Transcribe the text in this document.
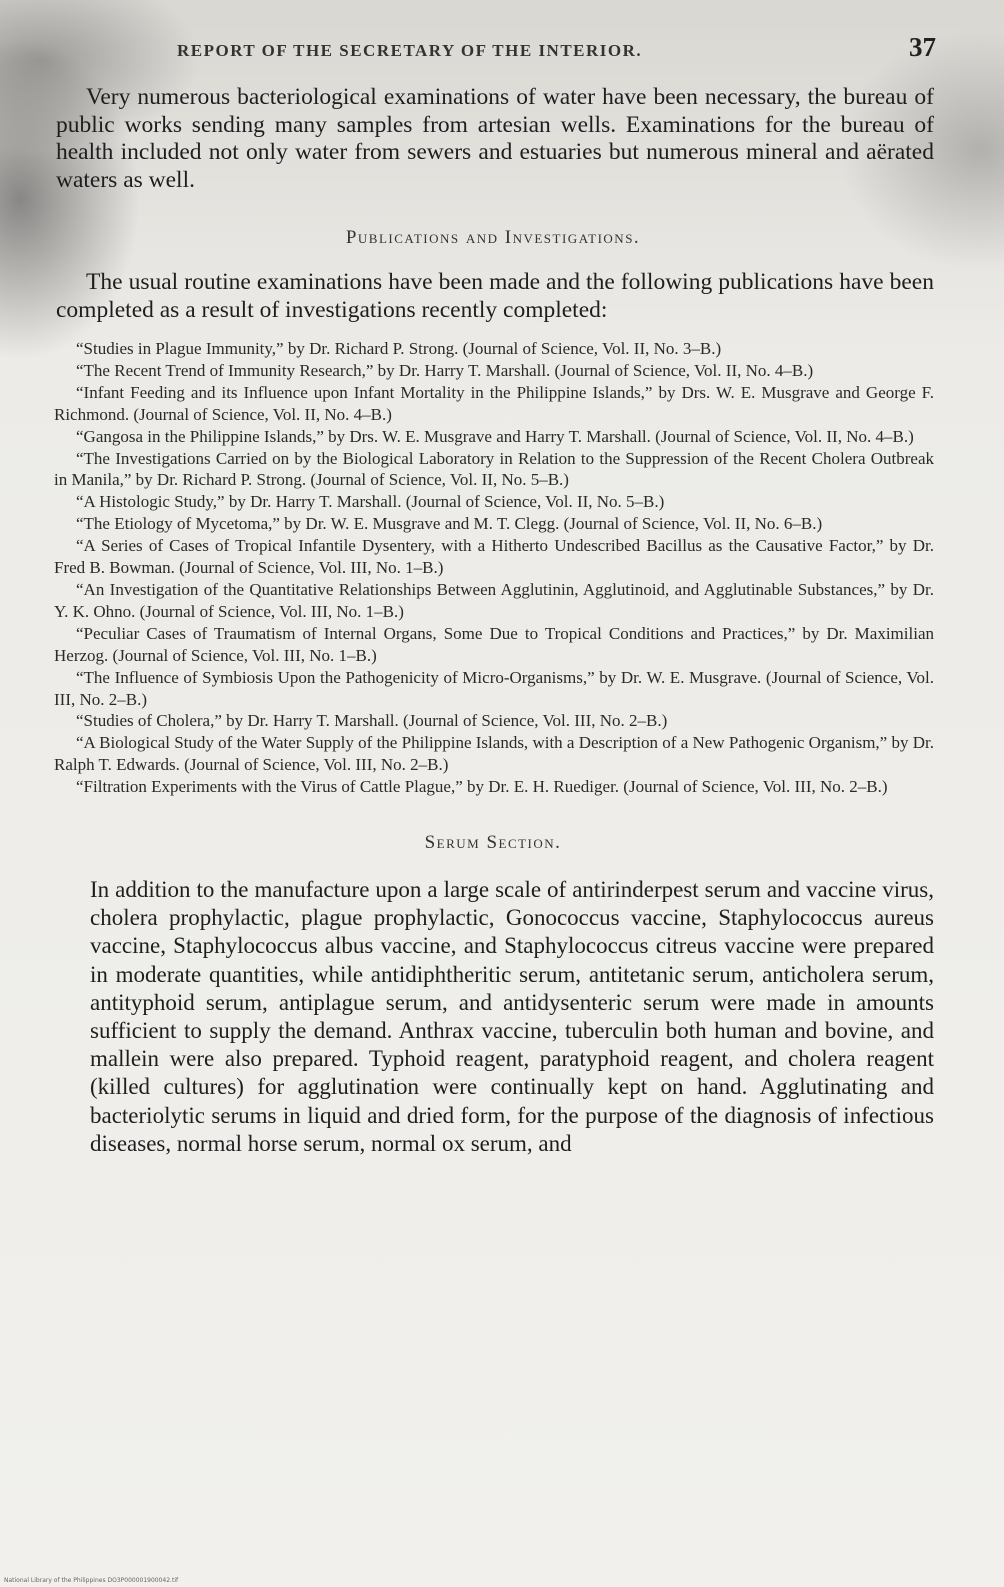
REPORT OF THE SECRETARY OF THE INTERIOR.	37

Very numerous bacteriological examinations of water have been necessary, the bureau of public works sending many samples from artesian wells. Examinations for the bureau of health included not only water from sewers and estuaries but numerous mineral and aërated waters as well.

Publications and Investigations.

The usual routine examinations have been made and the following publications have been completed as a result of investigations recently completed:

“Studies in Plague Immunity,” by Dr. Richard P. Strong. (Journal of Science, Vol. II, No. 3–B.)

“The Recent Trend of Immunity Research,” by Dr. Harry T. Marshall. (Journal of Science, Vol. II, No. 4–B.)

“Infant Feeding and its Influence upon Infant Mortality in the Philippine Islands,” by Drs. W. E. Musgrave and George F. Richmond. (Journal of Science, Vol. II, No. 4–B.)

“Gangosa in the Philippine Islands,” by Drs. W. E. Musgrave and Harry T. Marshall. (Journal of Science, Vol. II, No. 4–B.)

“The Investigations Carried on by the Biological Laboratory in Relation to the Suppression of the Recent Cholera Outbreak in Manila,” by Dr. Richard P. Strong. (Journal of Science, Vol. II, No. 5–B.)

“A Histologic Study,” by Dr. Harry T. Marshall. (Journal of Science, Vol. II, No. 5–B.)

“The Etiology of Mycetoma,” by Dr. W. E. Musgrave and M. T. Clegg. (Journal of Science, Vol. II, No. 6–B.)

“A Series of Cases of Tropical Infantile Dysentery, with a Hitherto Undescribed Bacillus as the Causative Factor,” by Dr. Fred B. Bowman. (Journal of Science, Vol. III, No. 1–B.)

“An Investigation of the Quantitative Relationships Between Agglutinin, Agglutinoid, and Agglutinable Substances,” by Dr. Y. K. Ohno. (Journal of Science, Vol. III, No. 1–B.)

“Peculiar Cases of Traumatism of Internal Organs, Some Due to Tropical Conditions and Practices,” by Dr. Maximilian Herzog. (Journal of Science, Vol. III, No. 1–B.)

“The Influence of Symbiosis Upon the Pathogenicity of Micro-Organisms,” by Dr. W. E. Musgrave. (Journal of Science, Vol. III, No. 2–B.)

“Studies of Cholera,” by Dr. Harry T. Marshall. (Journal of Science, Vol. III, No. 2–B.)

“A Biological Study of the Water Supply of the Philippine Islands, with a Description of a New Pathogenic Organism,” by Dr. Ralph T. Edwards. (Journal of Science, Vol. III, No. 2–B.)

“Filtration Experiments with the Virus of Cattle Plague,” by Dr. E. H. Ruediger. (Journal of Science, Vol. III, No. 2–B.)

Serum Section.

In addition to the manufacture upon a large scale of antirinderpest serum and vaccine virus, cholera prophylactic, plague prophylactic, Gonococcus vaccine, Staphylococcus aureus vaccine, Staphylococcus albus vaccine, and Staphylococcus citreus vaccine were prepared in moderate quantities, while antidiphtheritic serum, antitetanic serum, anticholera serum, antityphoid serum, antiplague serum, and antidysenteric serum were made in amounts sufficient to supply the demand. Anthrax vaccine, tuberculin both human and bovine, and mallein were also prepared. Typhoid reagent, paratyphoid reagent, and cholera reagent (killed cultures) for agglutination were continually kept on hand. Agglutinating and bacteriolytic serums in liquid and dried form, for the purpose of the diagnosis of infectious diseases, normal horse serum, normal ox serum, and

National Library of the Philippines DO3P000001900042.tif
